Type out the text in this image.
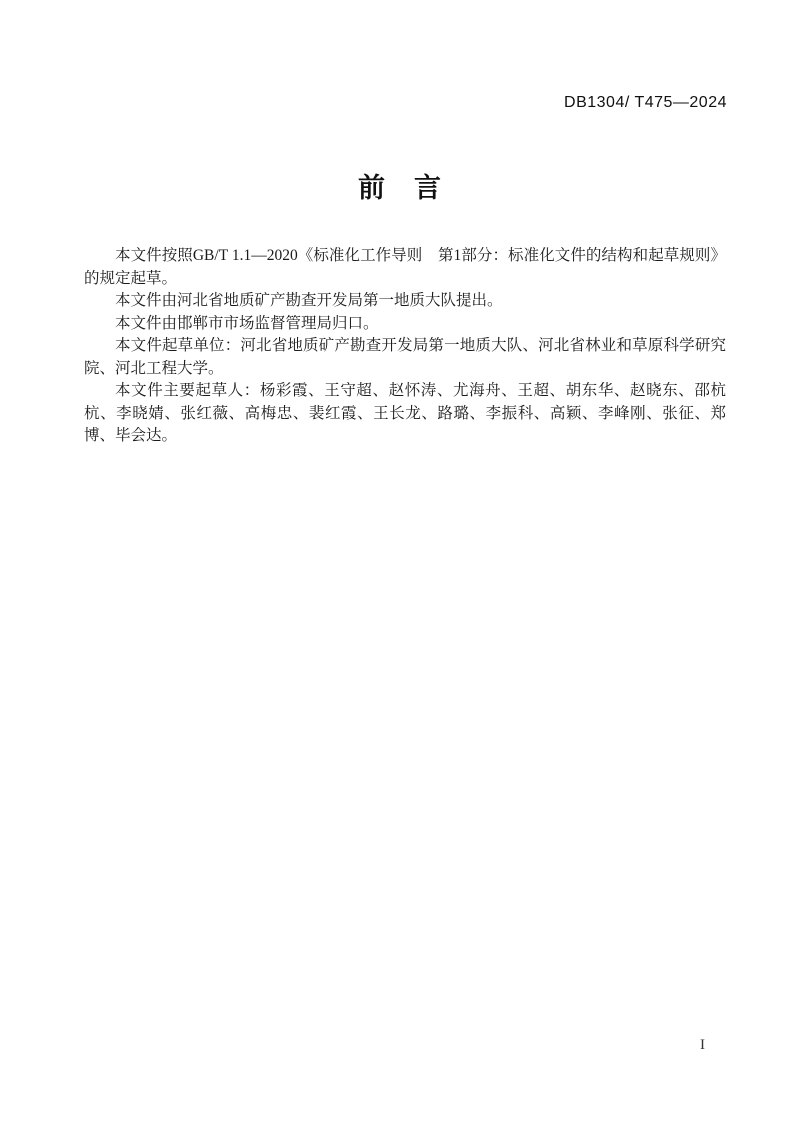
DB1304/ T475—2024
前　言

本文件按照GB/T 1.1—2020《标准化工作导则　第1部分：标准化文件的结构和起草规则》的规定起草。

本文件由河北省地质矿产勘查开发局第一地质大队提出。

本文件由邯郸市市场监督管理局归口。

本文件起草单位：河北省地质矿产勘查开发局第一地质大队、河北省林业和草原科学研究院、河北工程大学。

本文件主要起草人：杨彩霞、王守超、赵怀涛、尤海舟、王超、胡东华、赵晓东、邵杭杭、李晓婧、张红薇、高梅忠、裴红霞、王长龙、路璐、李振科、高颖、李峰刚、张征、郑博、毕会达。

I
